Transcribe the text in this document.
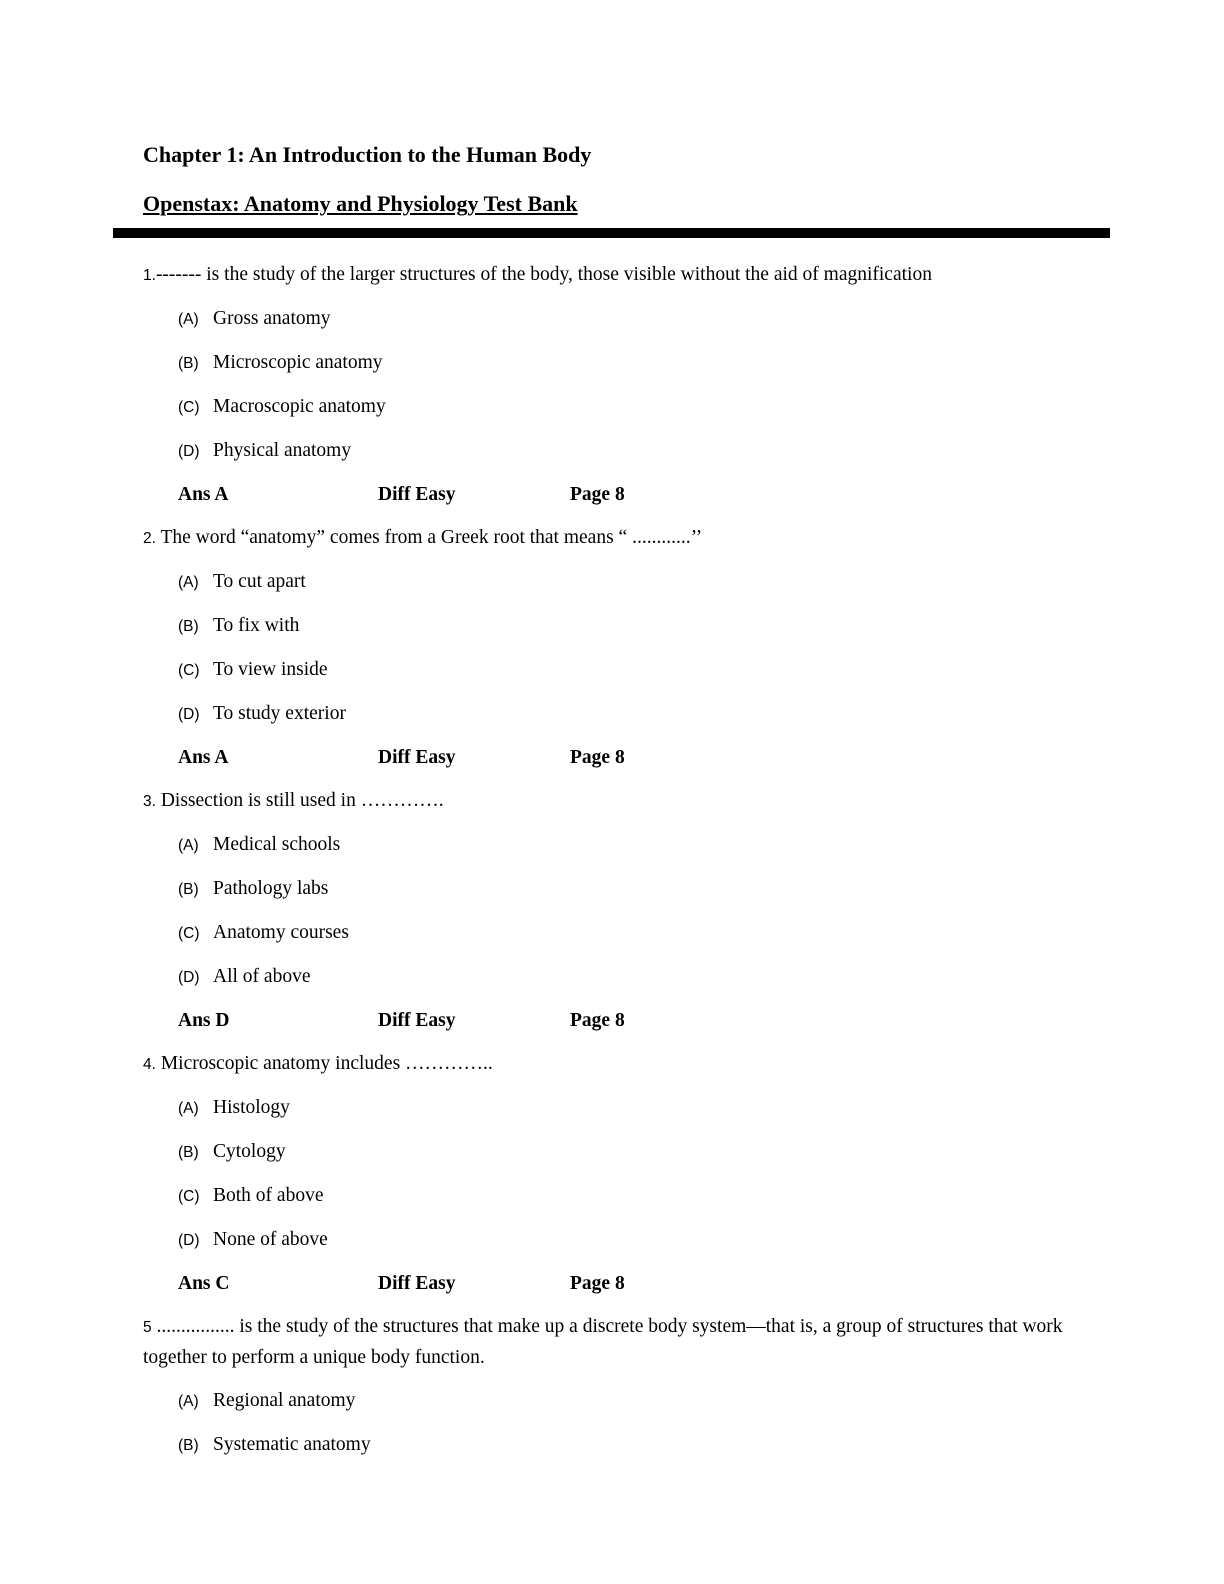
Chapter 1: An Introduction to the Human Body
Openstax: Anatomy and Physiology Test Bank

1.------- is the study of the larger structures of the body, those visible without the aid of magnification

(A) Gross anatomy

(B) Microscopic anatomy

(C) Macroscopic anatomy

(D) Physical anatomy

Ans A	Diff Easy	Page 8

2. The word “anatomy” comes from a Greek root that means “ ............’’

(A) To cut apart

(B) To fix with

(C) To view inside

(D) To study exterior

Ans A	Diff Easy	Page 8

3. Dissection is still used in ………….

(A) Medical schools

(B) Pathology labs

(C) Anatomy courses

(D) All of above

Ans D	Diff Easy	Page 8

4. Microscopic anatomy includes …………..

(A) Histology

(B) Cytology

(C) Both of above

(D) None of above

Ans C	Diff Easy	Page 8

5 ................ is the study of the structures that make up a discrete body system—that is, a group of structures that work together to perform a unique body function.

(A) Regional anatomy

(B) Systematic anatomy
